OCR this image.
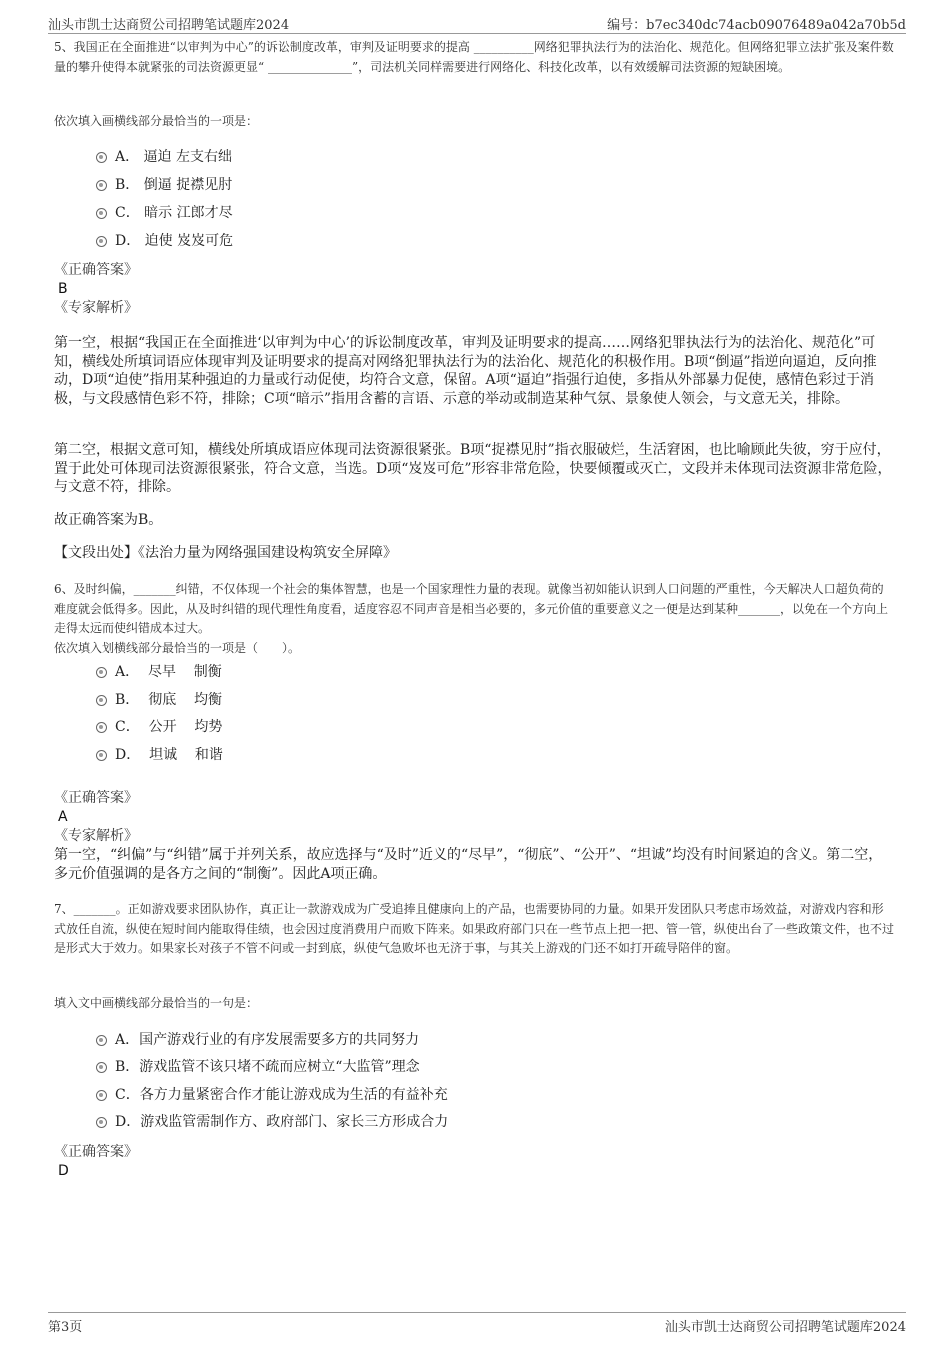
汕头市凯士达商贸公司招聘笔试题库2024	编号：b7ec340dc74acb09076489a042a70b5d

5、我国正在全面推进“以审判为中心”的诉讼制度改革，审判及证明要求的提高 __________网络犯罪执法行为的法治化、规范化。但网络犯罪立法扩张及案件数量的攀升使得本就紧张的司法资源更显“ ______________”，司法机关同样需要进行网络化、科技化改革，以有效缓解司法资源的短缺困境。

依次填入画横线部分最恰当的一项是：

A． 逼迫 左支右绌
B． 倒逼 捉襟见肘
C． 暗示 江郎才尽
D． 迫使 岌岌可危

《正确答案》

B

《专家解析》

第一空，根据“我国正在全面推进‘以审判为中心’的诉讼制度改革，审判及证明要求的提高……网络犯罪执法行为的法治化、规范化”可知，横线处所填词语应体现审判及证明要求的提高对网络犯罪执法行为的法治化、规范化的积极作用。B项“倒逼”指逆向逼迫，反向推动，D项“迫使”指用某种强迫的力量或行动促使，均符合文意，保留。A项“逼迫”指强行迫使，多指从外部暴力促使，感情色彩过于消极，与文段感情色彩不符，排除；C项“暗示”指用含蓄的言语、示意的举动或制造某种气氛、景象使人领会，与文意无关，排除。

第二空，根据文意可知，横线处所填成语应体现司法资源很紧张。B项“捉襟见肘”指衣服破烂，生活窘困，也比喻顾此失彼，穷于应付，置于此处可体现司法资源很紧张，符合文意，当选。D项“岌岌可危”形容非常危险，快要倾覆或灭亡，文段并未体现司法资源非常危险，与文意不符，排除。

故正确答案为B。

【文段出处】《法治力量为网络强国建设构筑安全屏障》

6、及时纠偏，_______纠错，不仅体现一个社会的集体智慧，也是一个国家理性力量的表现。就像当初如能认识到人口问题的严重性，今天解决人口超负荷的难度就会低得多。因此，从及时纠错的现代理性角度看，适度容忍不同声音是相当必要的，多元价值的重要意义之一便是达到某种_______，以免在一个方向上走得太远而使纠错成本过大。

依次填入划横线部分最恰当的一项是（　　）。

A．  尽早    制衡
B．  彻底    均衡
C．  公开    均势
D．  坦诚    和谐

《正确答案》

A

《专家解析》

第一空，“纠偏”与“纠错”属于并列关系，故应选择与“及时”近义的“尽早”，“彻底”、“公开”、“坦诚”均没有时间紧迫的含义。第二空，多元价值强调的是各方之间的“制衡”。因此A项正确。

7、_______。正如游戏要求团队协作，真正让一款游戏成为广受追捧且健康向上的产品，也需要协同的力量。如果开发团队只考虑市场效益，对游戏内容和形式放任自流，纵使在短时间内能取得佳绩，也会因过度消费用户而败下阵来。如果政府部门只在一些节点上把一把、管一管，纵使出台了一些政策文件，也不过是形式大于效力。如果家长对孩子不管不问或一封到底，纵使气急败坏也无济于事，与其关上游戏的门还不如打开疏导陪伴的窗。

填入文中画横线部分最恰当的一句是：

A．国产游戏行业的有序发展需要多方的共同努力
B．游戏监管不该只堵不疏而应树立“大监管”理念
C．各方力量紧密合作才能让游戏成为生活的有益补充
D．游戏监管需制作方、政府部门、家长三方形成合力

《正确答案》

D

第3页	汕头市凯士达商贸公司招聘笔试题库2024
